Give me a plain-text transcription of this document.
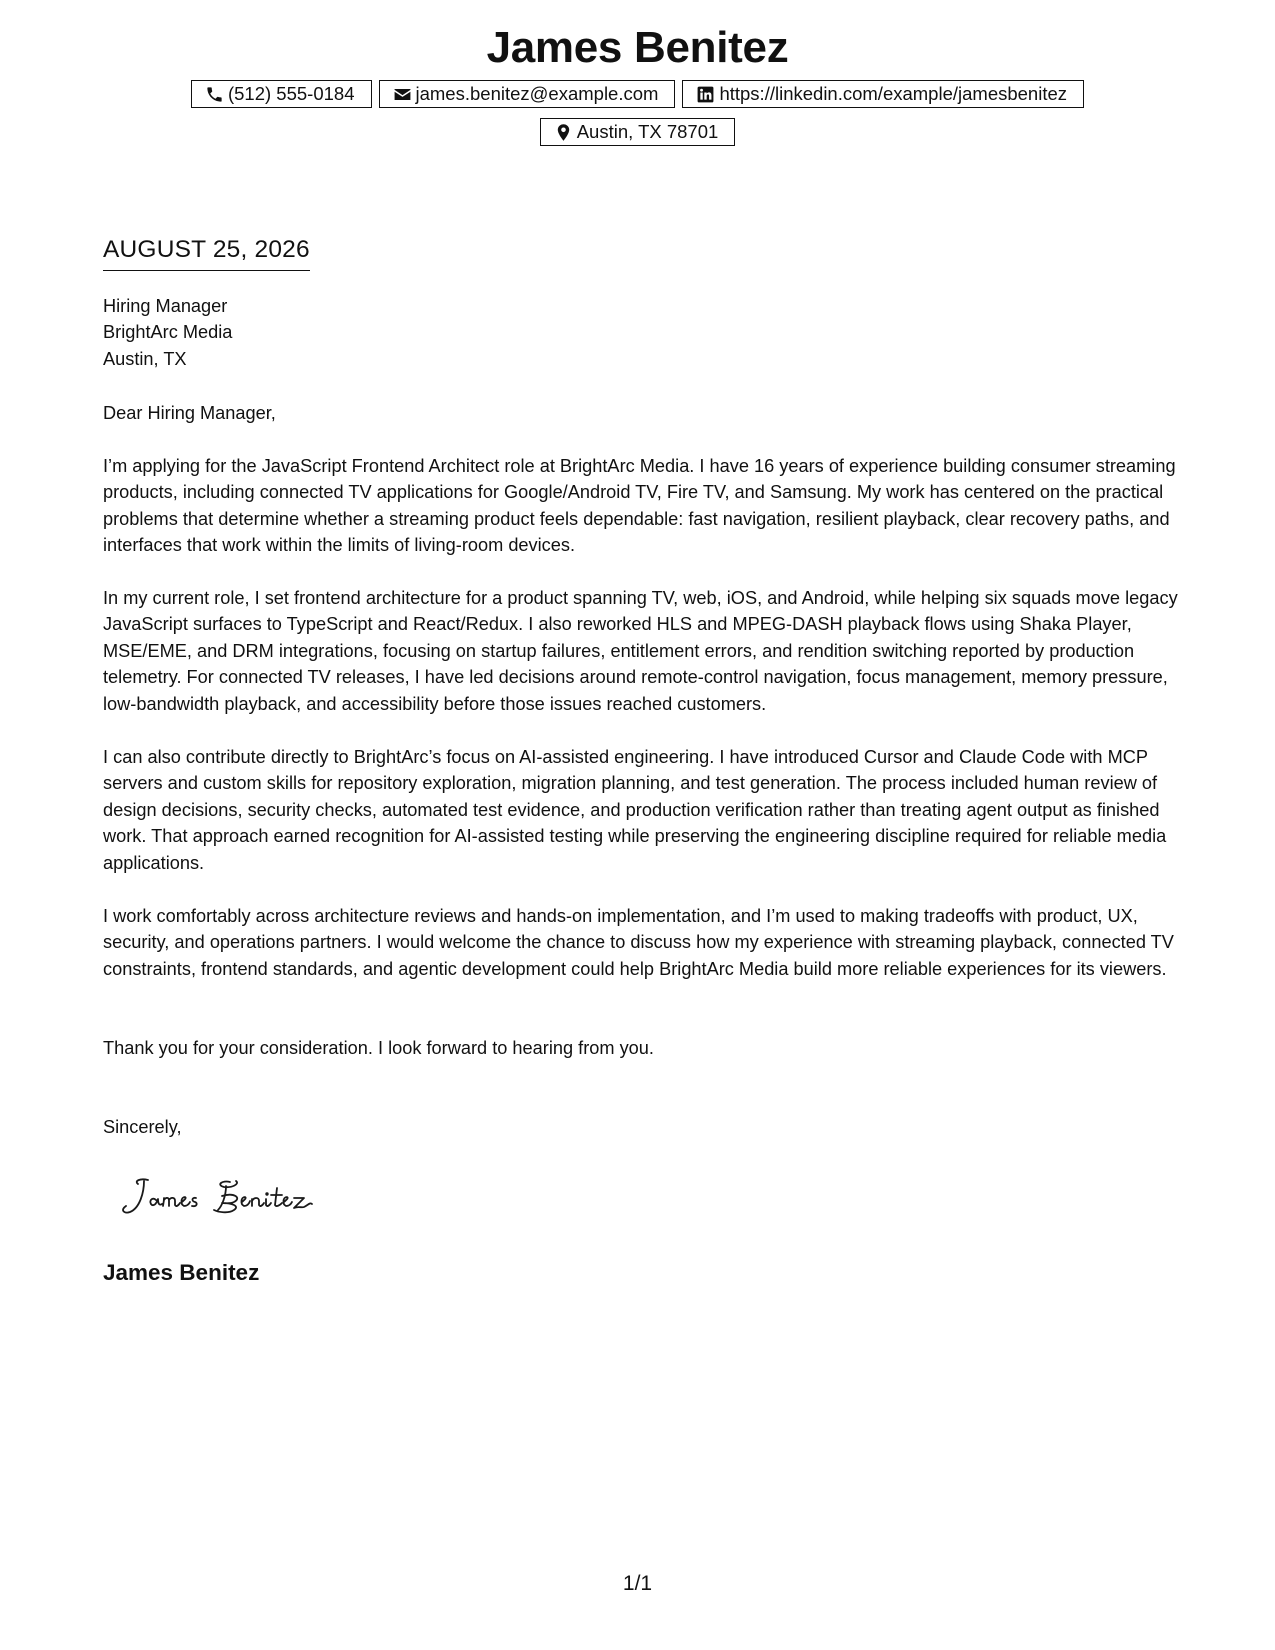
James Benitez
(512) 555-0184	james.benitez@example.com	https://linkedin.com/example/jamesbenitez
Austin, TX 78701
AUGUST 25, 2026
Hiring Manager
BrightArc Media
Austin, TX
Dear Hiring Manager,
I’m applying for the JavaScript Frontend Architect role at BrightArc Media. I have 16 years of experience building consumer streaming products, including connected TV applications for Google/Android TV, Fire TV, and Samsung. My work has centered on the practical problems that determine whether a streaming product feels dependable: fast navigation, resilient playback, clear recovery paths, and interfaces that work within the limits of living-room devices.
In my current role, I set frontend architecture for a product spanning TV, web, iOS, and Android, while helping six squads move legacy JavaScript surfaces to TypeScript and React/Redux. I also reworked HLS and MPEG-DASH playback flows using Shaka Player, MSE/EME, and DRM integrations, focusing on startup failures, entitlement errors, and rendition switching reported by production telemetry. For connected TV releases, I have led decisions around remote-control navigation, focus management, memory pressure, low-bandwidth playback, and accessibility before those issues reached customers.
I can also contribute directly to BrightArc’s focus on AI-assisted engineering. I have introduced Cursor and Claude Code with MCP servers and custom skills for repository exploration, migration planning, and test generation. The process included human review of design decisions, security checks, automated test evidence, and production verification rather than treating agent output as finished work. That approach earned recognition for AI-assisted testing while preserving the engineering discipline required for reliable media applications.
I work comfortably across architecture reviews and hands-on implementation, and I’m used to making tradeoffs with product, UX, security, and operations partners. I would welcome the chance to discuss how my experience with streaming playback, connected TV constraints, frontend standards, and agentic development could help BrightArc Media build more reliable experiences for its viewers.
Thank you for your consideration. I look forward to hearing from you.
Sincerely,
James Benitez
1/1
